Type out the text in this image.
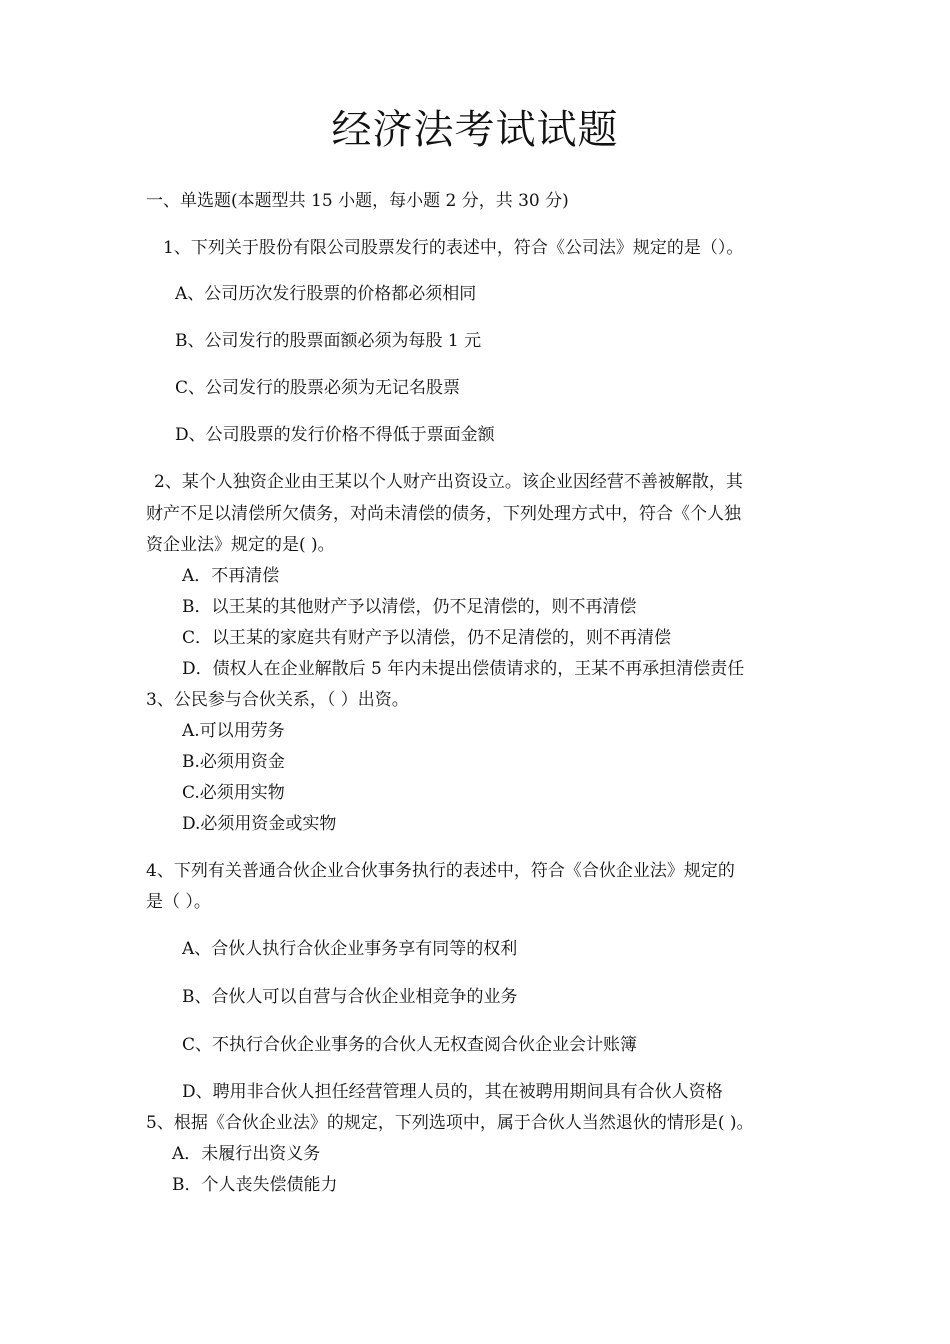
经济法考试试题
一、单选题(本题型共 15 小题，每小题 2 分，共 30 分)
1、下列关于股份有限公司股票发行的表述中，符合《公司法》规定的是（）。
A、公司历次发行股票的价格都必须相同
B、公司发行的股票面额必须为每股 1 元
C、公司发行的股票必须为无记名股票
D、公司股票的发行价格不得低于票面金额
2、某个人独资企业由王某以个人财产出资设立。该企业因经营不善被解散，其
财产不足以清偿所欠债务，对尚未清偿的债务，下列处理方式中，符合《个人独
资企业法》规定的是( )。
A．不再清偿
B．以王某的其他财产予以清偿，仍不足清偿的，则不再清偿
C．以王某的家庭共有财产予以清偿，仍不足清偿的，则不再清偿
D．债权人在企业解散后 5 年内未提出偿债请求的，王某不再承担清偿责任
3、公民参与合伙关系，（ ）出资。
A.可以用劳务
B.必须用资金
C.必须用实物
D.必须用资金或实物
4、下列有关普通合伙企业合伙事务执行的表述中，符合《合伙企业法》规定的
是（ ）。
A、合伙人执行合伙企业事务享有同等的权利
B、合伙人可以自营与合伙企业相竞争的业务
C、不执行合伙企业事务的合伙人无权查阅合伙企业会计账簿
D、聘用非合伙人担任经营管理人员的，其在被聘用期间具有合伙人资格
5、根据《合伙企业法》的规定，下列选项中，属于合伙人当然退伙的情形是( )。
A．未履行出资义务
B．个人丧失偿债能力
